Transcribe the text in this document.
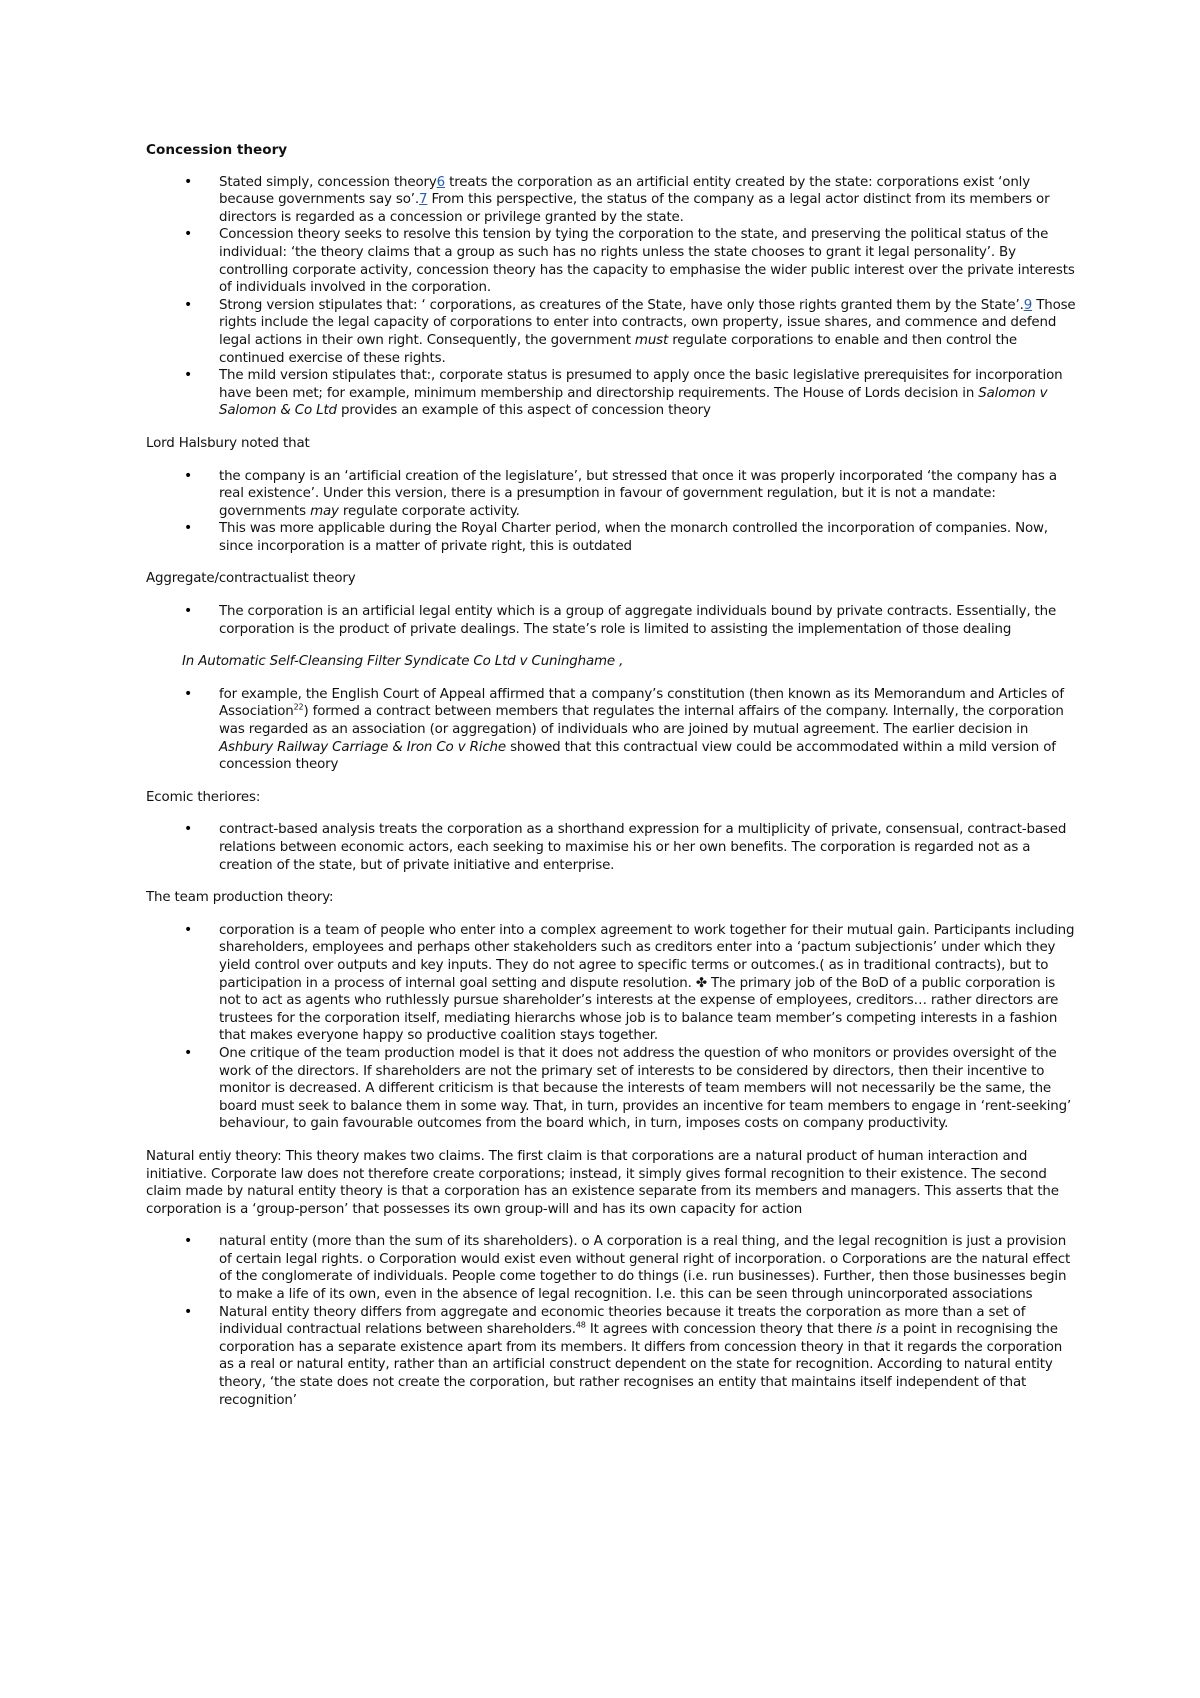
Concession theory
• Stated simply, concession theory6 treats the corporation as an artificial entity created by the state: corporations exist ‘only because governments say so’.7 From this perspective, the status of the company as a legal actor distinct from its members or directors is regarded as a concession or privilege granted by the state.
• Concession theory seeks to resolve this tension by tying the corporation to the state, and preserving the political status of the individual: ‘the theory claims that a group as such has no rights unless the state chooses to grant it legal personality’. By controlling corporate activity, concession theory has the capacity to emphasise the wider public interest over the private interests of individuals involved in the corporation.
• Strong version stipulates that: ‘ corporations, as creatures of the State, have only those rights granted them by the State’.9 Those rights include the legal capacity of corporations to enter into contracts, own property, issue shares, and commence and defend legal actions in their own right. Consequently, the government must regulate corporations to enable and then control the continued exercise of these rights.
• The mild version stipulates that:, corporate status is presumed to apply once the basic legislative prerequisites for incorporation have been met; for example, minimum membership and directorship requirements. The House of Lords decision in Salomon v Salomon & Co Ltd provides an example of this aspect of concession theory

Lord Halsbury noted that

• the company is an ‘artificial creation of the legislature’, but stressed that once it was properly incorporated ‘the company has a real existence’. Under this version, there is a presumption in favour of government regulation, but it is not a mandate: governments may regulate corporate activity.
• This was more applicable during the Royal Charter period, when the monarch controlled the incorporation of companies. Now, since incorporation is a matter of private right, this is outdated

Aggregate/contractualist theory

• The corporation is an artificial legal entity which is a group of aggregate individuals bound by private contracts. Essentially, the corporation is the product of private dealings. The state’s role is limited to assisting the implementation of those dealing

In Automatic Self-Cleansing Filter Syndicate Co Ltd v Cuninghame ,

• for example, the English Court of Appeal affirmed that a company’s constitution (then known as its Memorandum and Articles of Association$^{22}$) formed a contract between members that regulates the internal affairs of the company. Internally, the corporation was regarded as an association (or aggregation) of individuals who are joined by mutual agreement. The earlier decision in Ashbury Railway Carriage & Iron Co v Riche showed that this contractual view could be accommodated within a mild version of concession theory

Ecomic theriores:

• contract-based analysis treats the corporation as a shorthand expression for a multiplicity of private, consensual, contract-based relations between economic actors, each seeking to maximise his or her own benefits. The corporation is regarded not as a creation of the state, but of private initiative and enterprise.

The team production theory:

• corporation is a team of people who enter into a complex agreement to work together for their mutual gain. Participants including shareholders, employees and perhaps other stakeholders such as creditors enter into a ‘pactum subjectionis’ under which they yield control over outputs and key inputs. They do not agree to specific terms or outcomes.( as in traditional contracts), but to participation in a process of internal goal setting and dispute resolution. ✤ The primary job of the BoD of a public corporation is not to act as agents who ruthlessly pursue shareholder’s interests at the expense of employees, creditors… rather directors are trustees for the corporation itself, mediating hierarchs whose job is to balance team member’s competing interests in a fashion that makes everyone happy so productive coalition stays together.
• One critique of the team production model is that it does not address the question of who monitors or provides oversight of the work of the directors. If shareholders are not the primary set of interests to be considered by directors, then their incentive to monitor is decreased. A different criticism is that because the interests of team members will not necessarily be the same, the board must seek to balance them in some way. That, in turn, provides an incentive for team members to engage in ‘rent-seeking’ behaviour, to gain favourable outcomes from the board which, in turn, imposes costs on company productivity.

Natural entiy theory: This theory makes two claims. The first claim is that corporations are a natural product of human interaction and initiative. Corporate law does not therefore create corporations; instead, it simply gives formal recognition to their existence. The second claim made by natural entity theory is that a corporation has an existence separate from its members and managers. This asserts that the corporation is a ‘group-person’ that possesses its own group-will and has its own capacity for action

• natural entity (more than the sum of its shareholders). o A corporation is a real thing, and the legal recognition is just a provision of certain legal rights. o Corporation would exist even without general right of incorporation. o Corporations are the natural effect of the conglomerate of individuals. People come together to do things (i.e. run businesses). Further, then those businesses begin to make a life of its own, even in the absence of legal recognition. I.e. this can be seen through unincorporated associations
• Natural entity theory differs from aggregate and economic theories because it treats the corporation as more than a set of individual contractual relations between shareholders.$^{48}$ It agrees with concession theory that there is a point in recognising the corporation has a separate existence apart from its members. It differs from concession theory in that it regards the corporation as a real or natural entity, rather than an artificial construct dependent on the state for recognition. According to natural entity theory, ‘the state does not create the corporation, but rather recognises an entity that maintains itself independent of that recognition’
